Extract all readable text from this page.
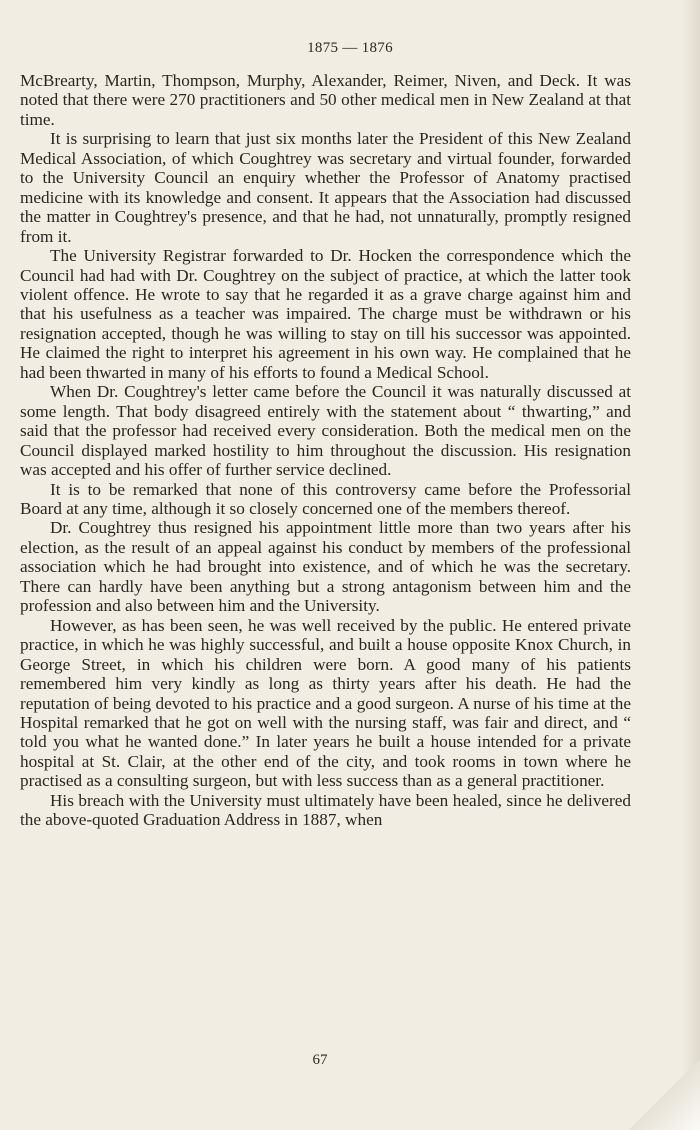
1875 — 1876

McBrearty, Martin, Thompson, Murphy, Alexander, Reimer, Niven, and Deck. It was noted that there were 270 practitioners and 50 other medical men in New Zealand at that time.

It is surprising to learn that just six months later the President of this New Zealand Medical Association, of which Coughtrey was secretary and virtual founder, forwarded to the University Council an enquiry whether the Professor of Anatomy practised medicine with its knowledge and consent. It appears that the Association had discussed the matter in Coughtrey's presence, and that he had, not unnaturally, promptly resigned from it.

The University Registrar forwarded to Dr. Hocken the correspondence which the Council had had with Dr. Coughtrey on the subject of practice, at which the latter took violent offence. He wrote to say that he regarded it as a grave charge against him and that his usefulness as a teacher was impaired. The charge must be withdrawn or his resignation accepted, though he was willing to stay on till his successor was appointed. He claimed the right to interpret his agreement in his own way. He complained that he had been thwarted in many of his efforts to found a Medical School.

When Dr. Coughtrey's letter came before the Council it was naturally discussed at some length. That body disagreed entirely with the statement about “ thwarting,” and said that the professor had received every consideration. Both the medical men on the Council displayed marked hostility to him throughout the discussion. His resignation was accepted and his offer of further service declined.

It is to be remarked that none of this controversy came before the Professorial Board at any time, although it so closely concerned one of the members thereof.

Dr. Coughtrey thus resigned his appointment little more than two years after his election, as the result of an appeal against his conduct by members of the professional association which he had brought into existence, and of which he was the secretary. There can hardly have been anything but a strong antagonism between him and the profession and also between him and the University.

However, as has been seen, he was well received by the public. He entered private practice, in which he was highly successful, and built a house opposite Knox Church, in George Street, in which his children were born. A good many of his patients remembered him very kindly as long as thirty years after his death. He had the reputation of being devoted to his practice and a good surgeon. A nurse of his time at the Hospital remarked that he got on well with the nursing staff, was fair and direct, and “ told you what he wanted done.” In later years he built a house intended for a private hospital at St. Clair, at the other end of the city, and took rooms in town where he practised as a consulting surgeon, but with less success than as a general practitioner.

His breach with the University must ultimately have been healed, since he delivered the above-quoted Graduation Address in 1887, when

67
